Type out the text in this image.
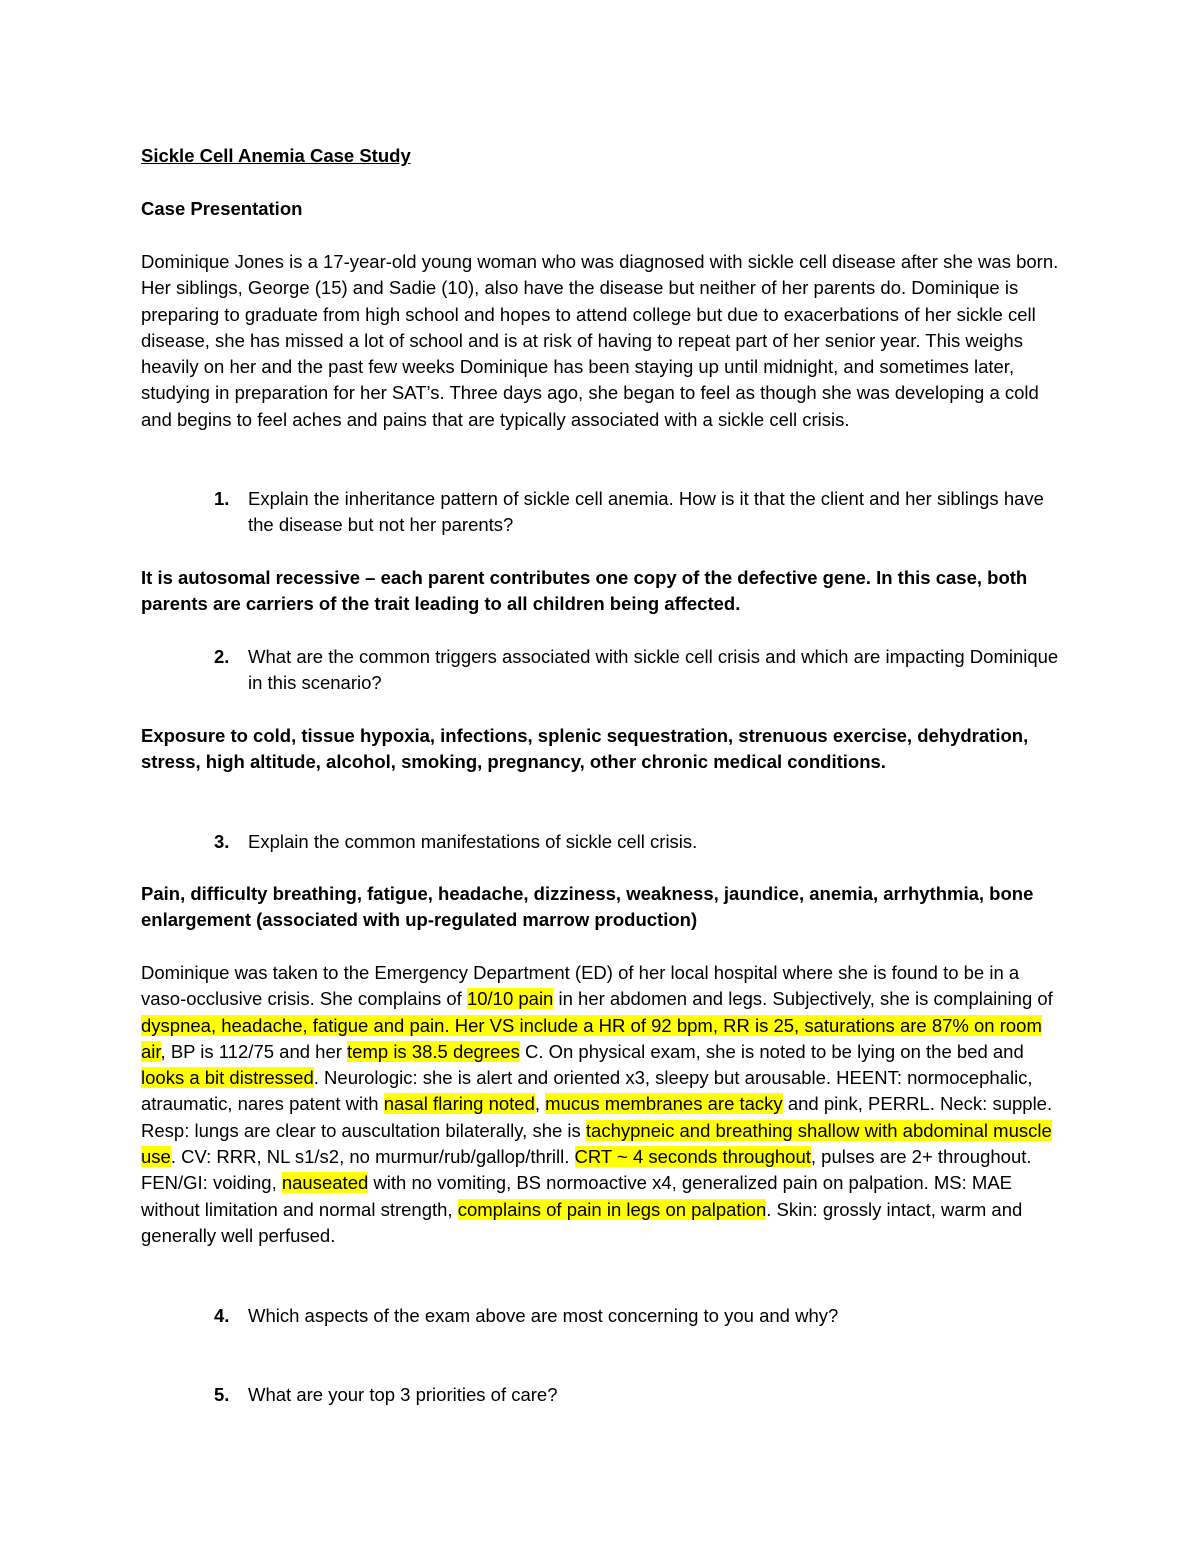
Sickle Cell Anemia Case Study

Case Presentation

Dominique Jones is a 17-year-old young woman who was diagnosed with sickle cell disease after she was born. Her siblings, George (15) and Sadie (10), also have the disease but neither of her parents do. Dominique is preparing to graduate from high school and hopes to attend college but due to exacerbations of her sickle cell disease, she has missed a lot of school and is at risk of having to repeat part of her senior year. This weighs heavily on her and the past few weeks Dominique has been staying up until midnight, and sometimes later, studying in preparation for her SAT’s. Three days ago, she began to feel as though she was developing a cold and begins to feel aches and pains that are typically associated with a sickle cell crisis.

1. Explain the inheritance pattern of sickle cell anemia. How is it that the client and her siblings have the disease but not her parents?

It is autosomal recessive – each parent contributes one copy of the defective gene. In this case, both parents are carriers of the trait leading to all children being affected.

2. What are the common triggers associated with sickle cell crisis and which are impacting Dominique in this scenario?

Exposure to cold, tissue hypoxia, infections, splenic sequestration, strenuous exercise, dehydration, stress, high altitude, alcohol, smoking, pregnancy, other chronic medical conditions.

3. Explain the common manifestations of sickle cell crisis.

Pain, difficulty breathing, fatigue, headache, dizziness, weakness, jaundice, anemia, arrhythmia, bone enlargement (associated with up-regulated marrow production)

Dominique was taken to the Emergency Department (ED) of her local hospital where she is found to be in a vaso-occlusive crisis. She complains of 10/10 pain in her abdomen and legs. Subjectively, she is complaining of dyspnea, headache, fatigue and pain. Her VS include a HR of 92 bpm, RR is 25, saturations are 87% on room air, BP is 112/75 and her temp is 38.5 degrees C. On physical exam, she is noted to be lying on the bed and looks a bit distressed. Neurologic: she is alert and oriented x3, sleepy but arousable. HEENT: normocephalic, atraumatic, nares patent with nasal flaring noted, mucus membranes are tacky and pink, PERRL. Neck: supple. Resp: lungs are clear to auscultation bilaterally, she is tachypneic and breathing shallow with abdominal muscle use. CV: RRR, NL s1/s2, no murmur/rub/gallop/thrill. CRT ~ 4 seconds throughout, pulses are 2+ throughout. FEN/GI: voiding, nauseated with no vomiting, BS normoactive x4, generalized pain on palpation. MS: MAE without limitation and normal strength, complains of pain in legs on palpation. Skin: grossly intact, warm and generally well perfused.

4. Which aspects of the exam above are most concerning to you and why?
5. What are your top 3 priorities of care?
